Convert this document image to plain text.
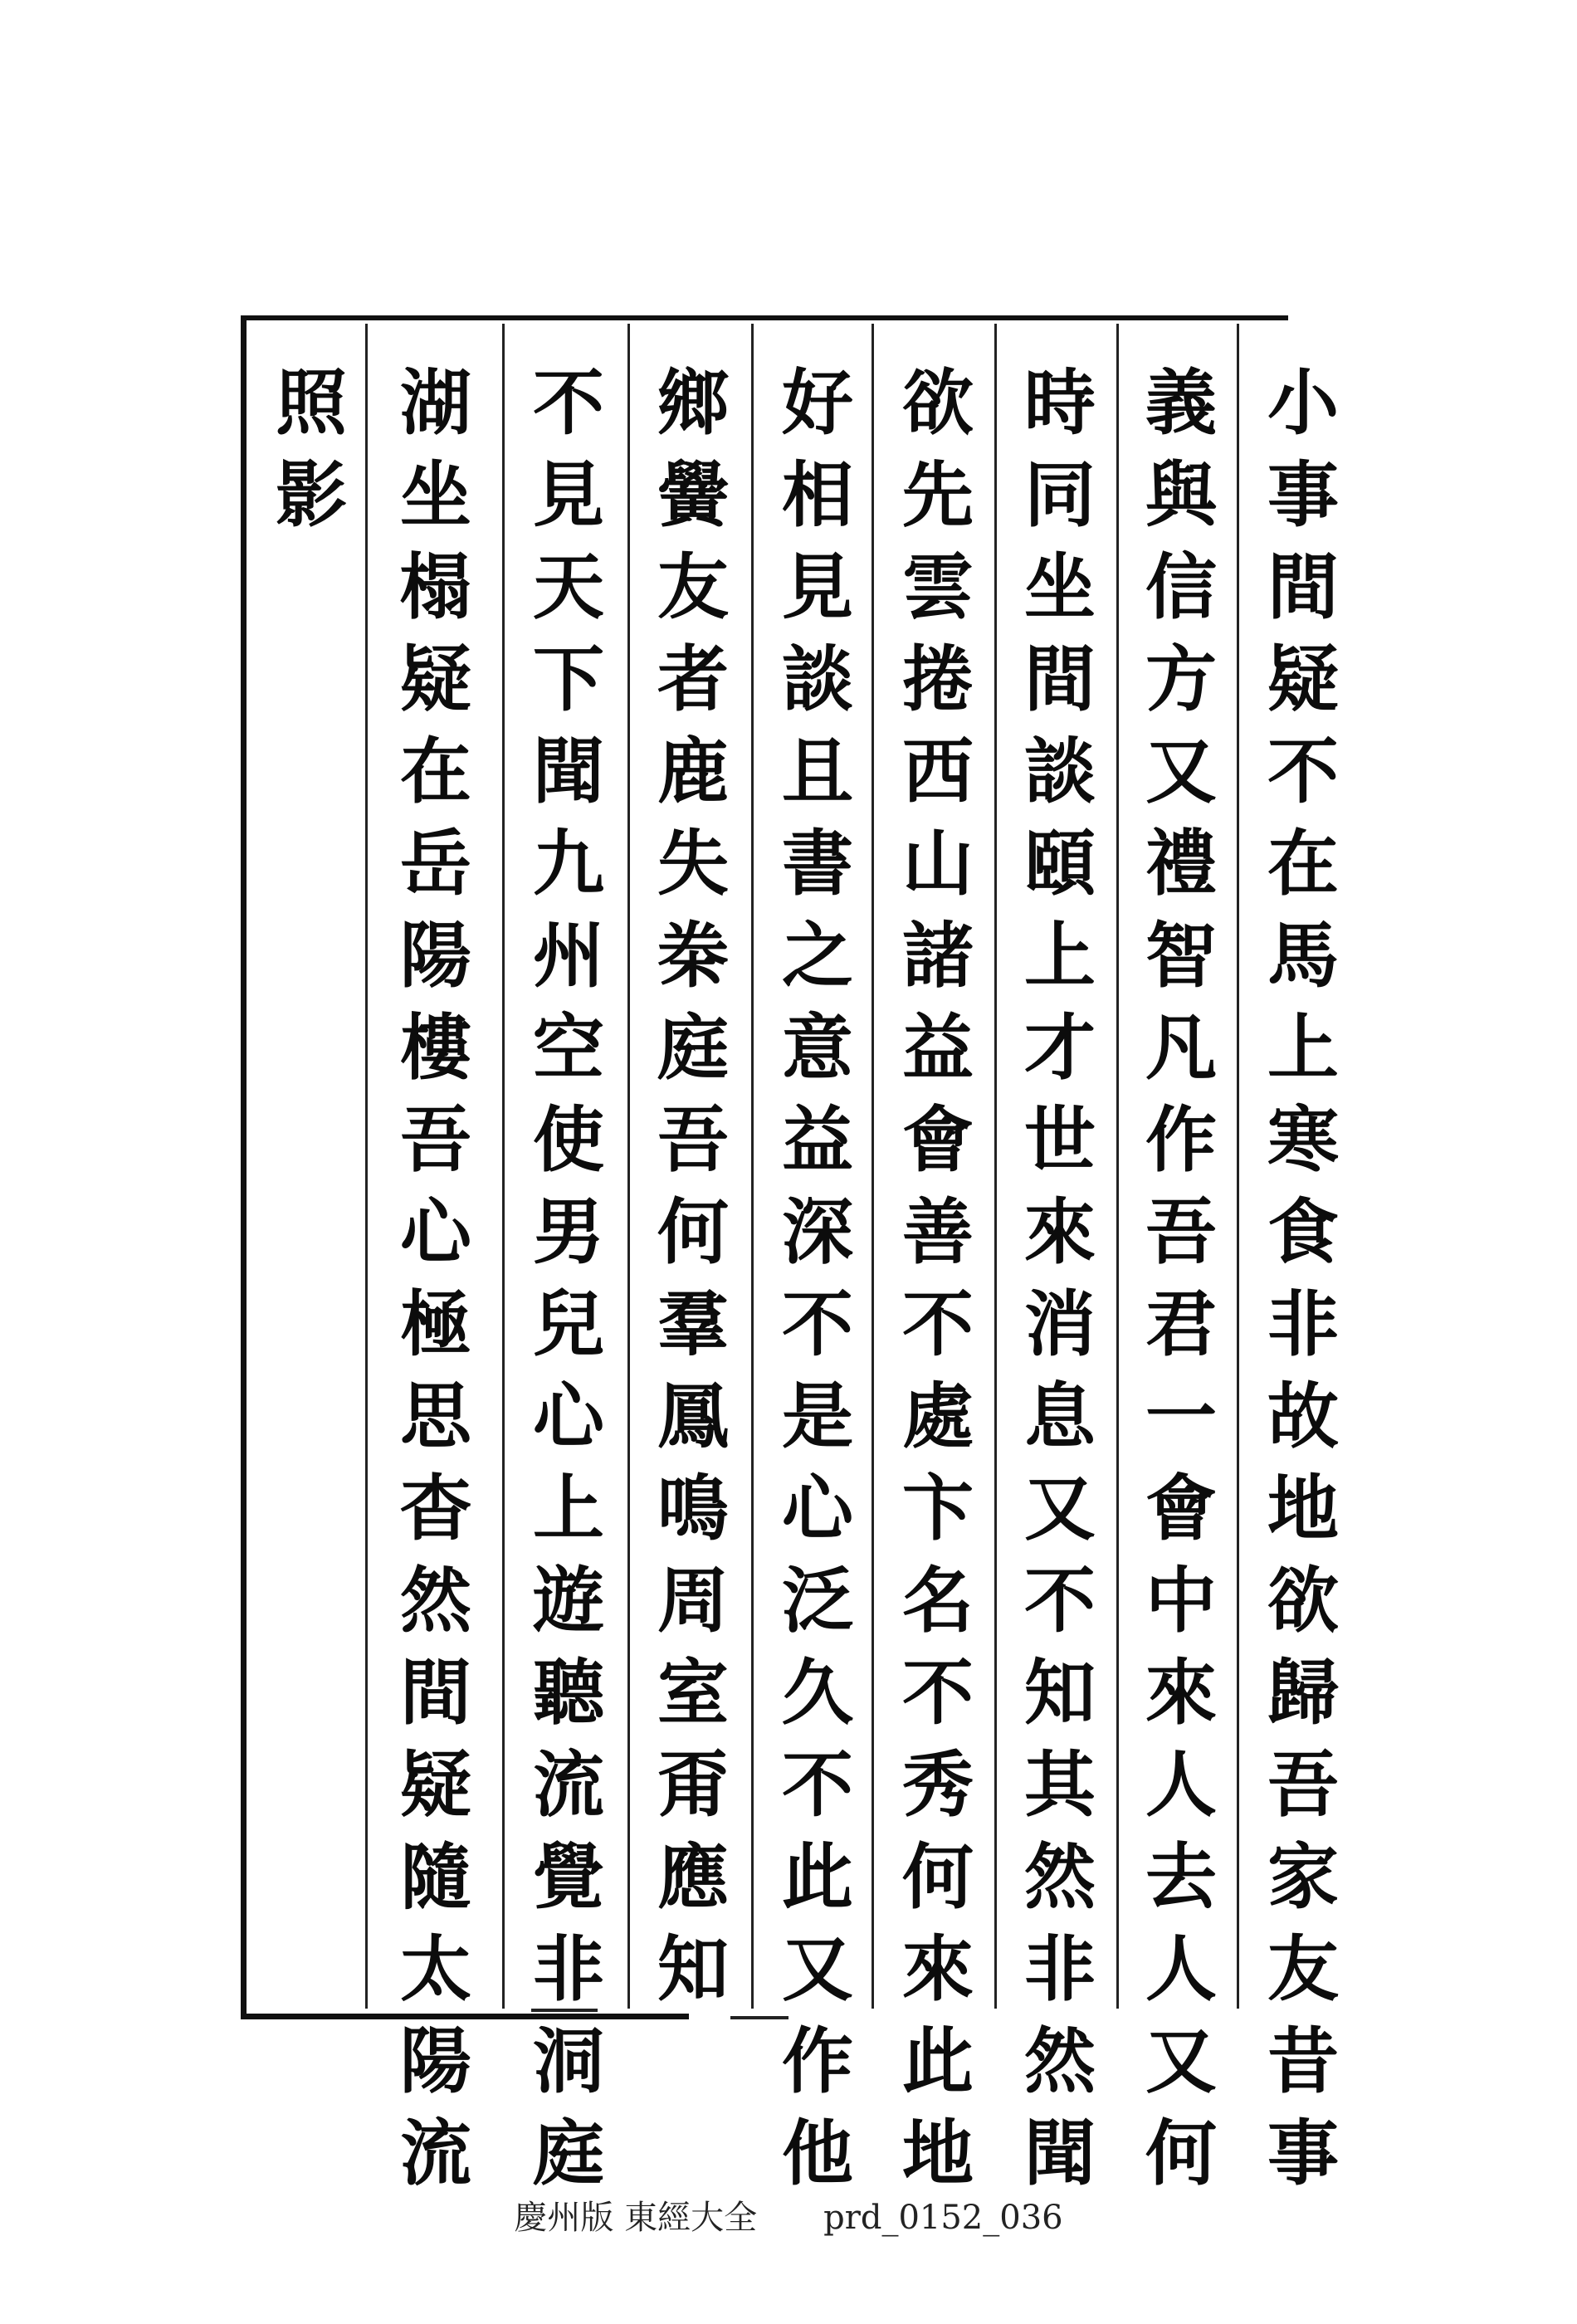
小
事
間
疑
不
在
馬
上
寒
食
非
故
地
欲
歸
吾
家
友
昔
事
義
與
信
方
又
禮
智
凡
作
吾
君
一
會
中
來
人
去
人
又
何
時
同
坐
間
談
頤
上
才
世
來
消
息
又
不
知
其
然
非
然
聞
欲
先
雲
捲
西
山
諸
益
會
善
不
處
卞
名
不
秀
何
來
此
地
好
相
見
談
且
書
之
意
益
深
不
是
心
泛
久
不
此
又
作
他
鄉
黌
友
者
鹿
失
桊
庭
吾
何
羣
鳳
鳴
周
室
甭
應
知
不
見
天
下
聞
九
州
空
使
男
兒
心
上
遊
聽
流
覺
非
洞
庭
湖
坐
榻
疑
在
岳
陽
樓
吾
心
極
思
杳
然
間
疑
隨
太
陽
流
照
影
慶州版 東經大全 prd_0152_036
